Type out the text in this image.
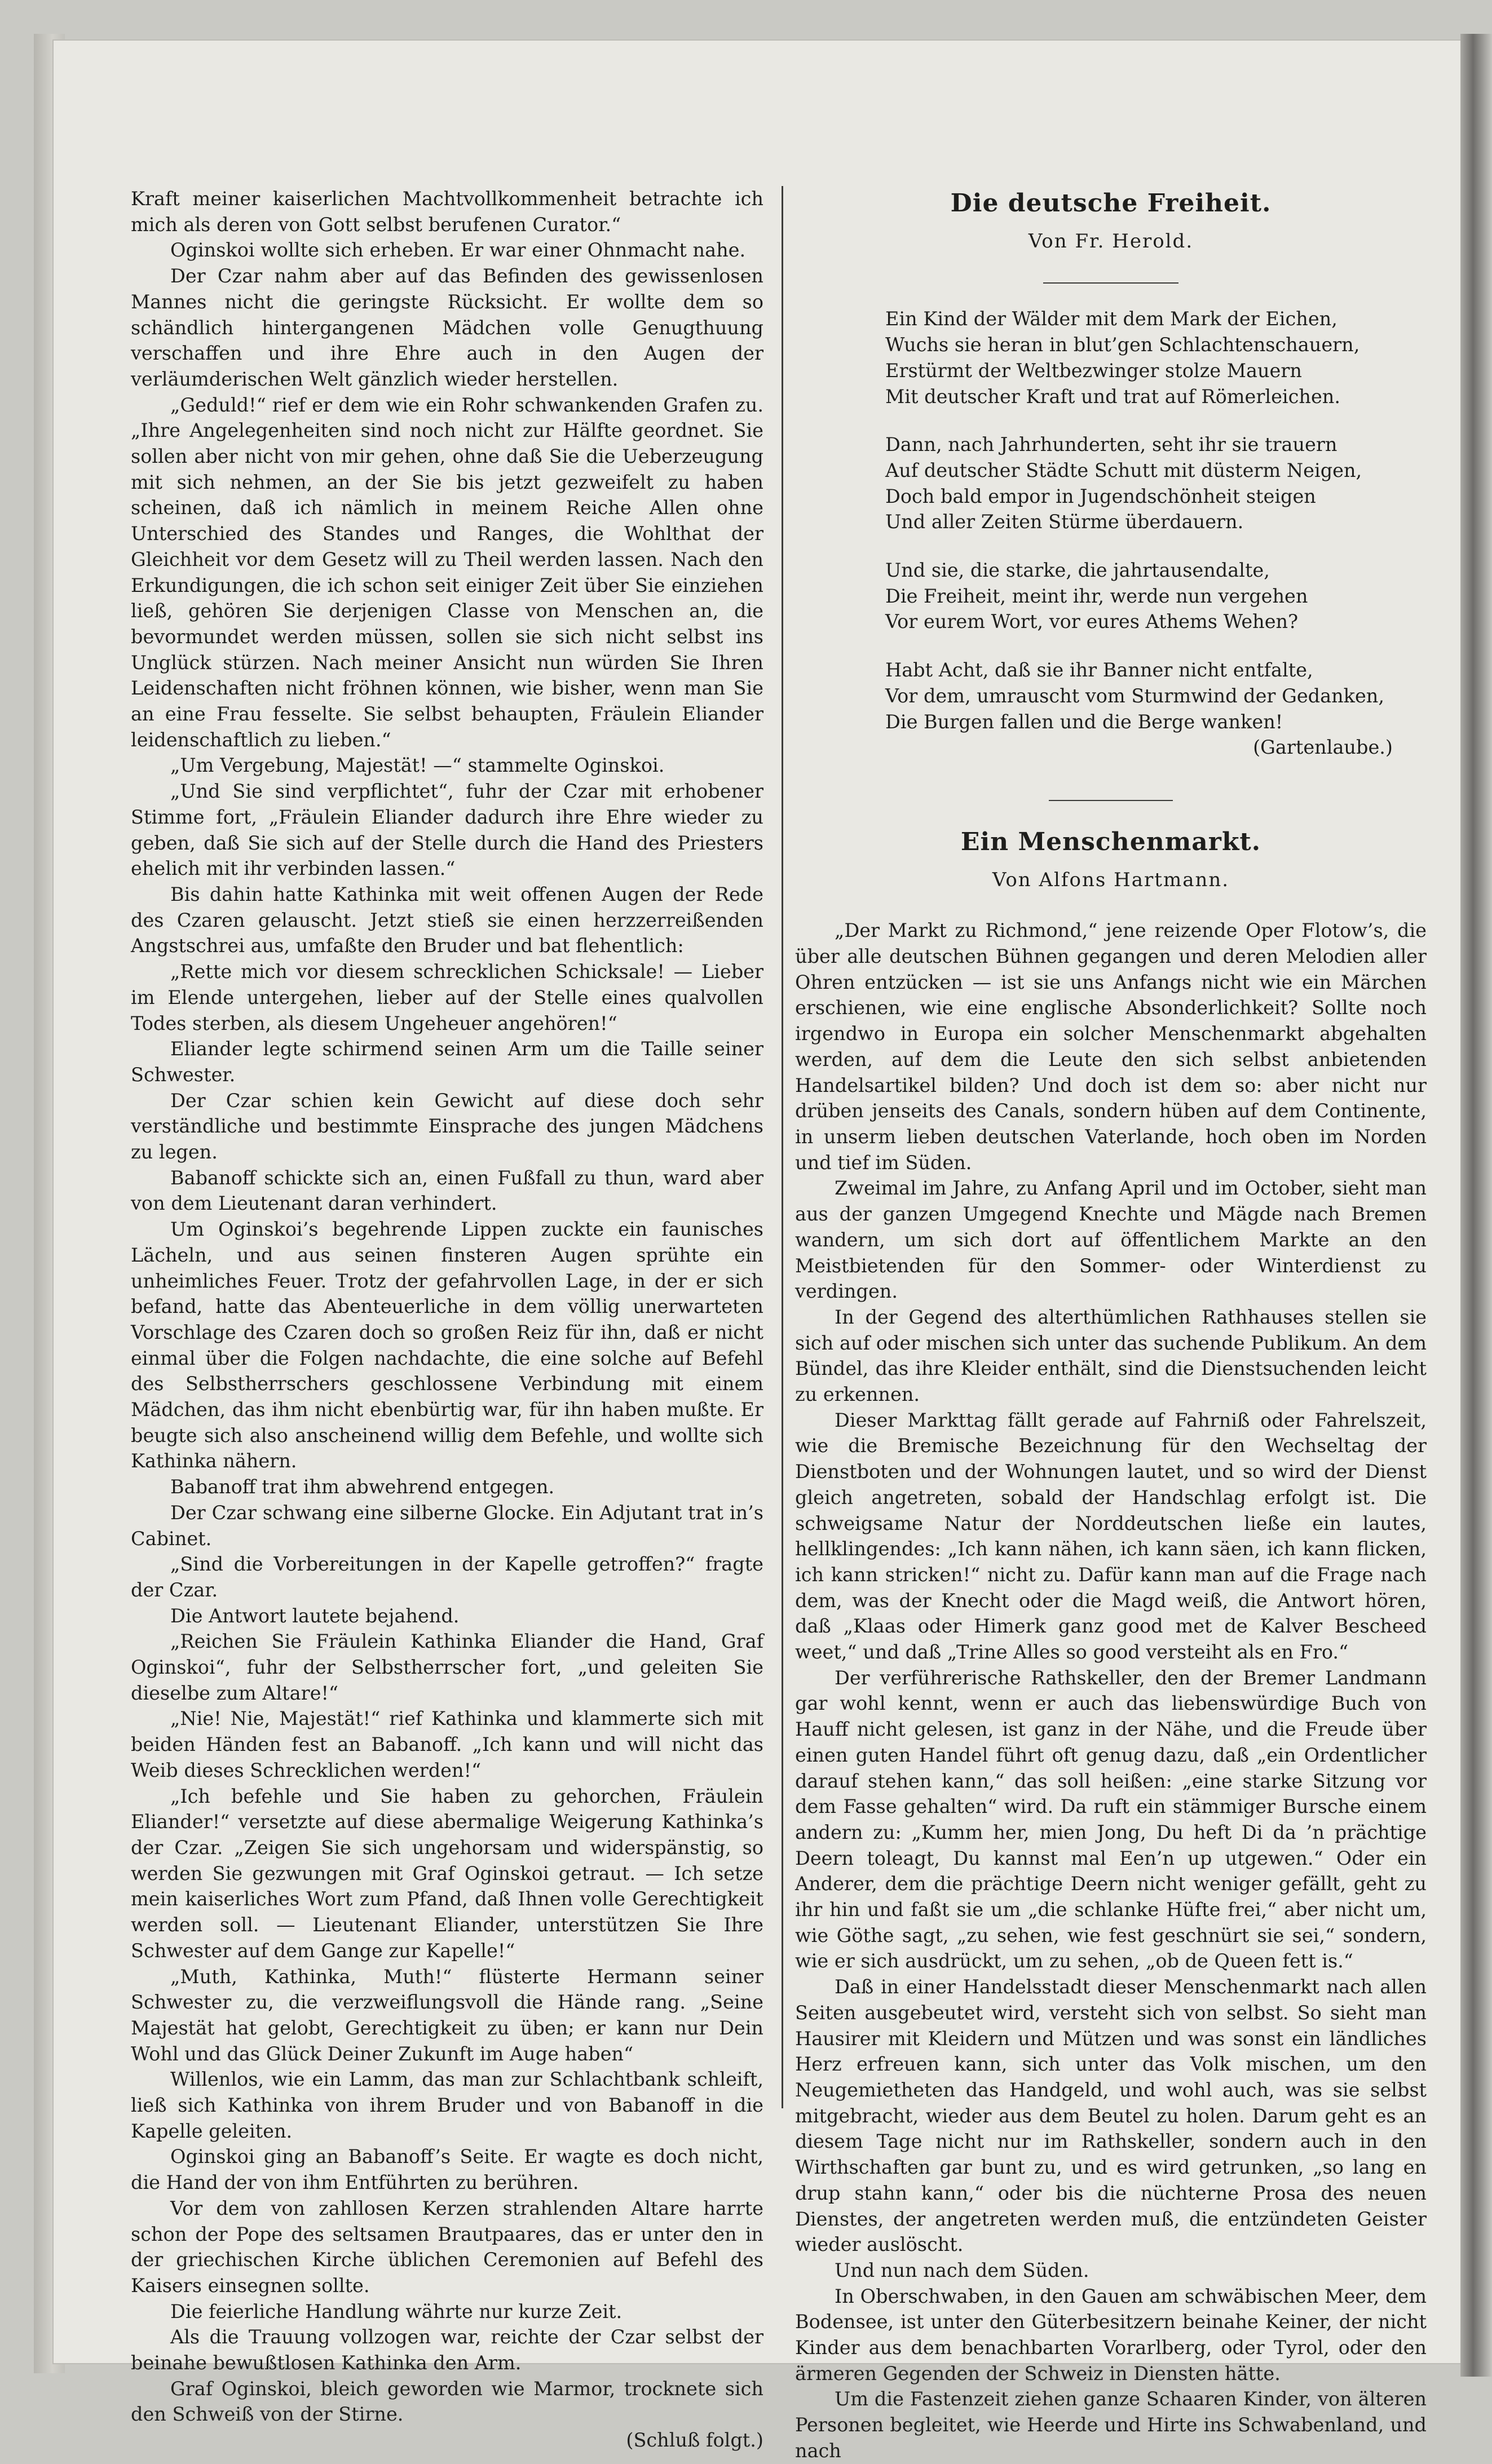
Kraft meiner kaiserlichen Machtvollkommenheit betrachte ich mich als deren von Gott selbst berufenen Curator.“

Oginskoi wollte sich erheben. Er war einer Ohnmacht nahe.

Der Czar nahm aber auf das Befinden des gewissenlosen Mannes nicht die geringste Rücksicht. Er wollte dem so schändlich hintergangenen Mädchen volle Genugthuung verschaffen und ihre Ehre auch in den Augen der verläumderischen Welt gänzlich wieder herstellen.

„Geduld!“ rief er dem wie ein Rohr schwankenden Grafen zu. „Ihre Angelegenheiten sind noch nicht zur Hälfte geordnet. Sie sollen aber nicht von mir gehen, ohne daß Sie die Ueberzeugung mit sich nehmen, an der Sie bis jetzt gezweifelt zu haben scheinen, daß ich nämlich in meinem Reiche Allen ohne Unterschied des Standes und Ranges, die Wohlthat der Gleichheit vor dem Gesetz will zu Theil werden lassen. Nach den Erkundigungen, die ich schon seit einiger Zeit über Sie einziehen ließ, gehören Sie derjenigen Classe von Menschen an, die bevormundet werden müssen, sollen sie sich nicht selbst ins Unglück stürzen. Nach meiner Ansicht nun würden Sie Ihren Leidenschaften nicht fröhnen können, wie bisher, wenn man Sie an eine Frau fesselte. Sie selbst behaupten, Fräulein Eliander leidenschaftlich zu lieben.“

„Um Vergebung, Majestät! —“ stammelte Oginskoi.

„Und Sie sind verpflichtet“, fuhr der Czar mit erhobener Stimme fort, „Fräulein Eliander dadurch ihre Ehre wieder zu geben, daß Sie sich auf der Stelle durch die Hand des Priesters ehelich mit ihr verbinden lassen.“

Bis dahin hatte Kathinka mit weit offenen Augen der Rede des Czaren gelauscht. Jetzt stieß sie einen herzzerreißenden Angstschrei aus, umfaßte den Bruder und bat flehentlich:

„Rette mich vor diesem schrecklichen Schicksale! — Lieber im Elende untergehen, lieber auf der Stelle eines qualvollen Todes sterben, als diesem Ungeheuer angehören!“

Eliander legte schirmend seinen Arm um die Taille seiner Schwester.

Der Czar schien kein Gewicht auf diese doch sehr verständliche und bestimmte Einsprache des jungen Mädchens zu legen.

Babanoff schickte sich an, einen Fußfall zu thun, ward aber von dem Lieutenant daran verhindert.

Um Oginskoi’s begehrende Lippen zuckte ein faunisches Lächeln, und aus seinen finsteren Augen sprühte ein unheimliches Feuer. Trotz der gefahrvollen Lage, in der er sich befand, hatte das Abenteuerliche in dem völlig unerwarteten Vorschlage des Czaren doch so großen Reiz für ihn, daß er nicht einmal über die Folgen nachdachte, die eine solche auf Befehl des Selbstherrschers geschlossene Verbindung mit einem Mädchen, das ihm nicht ebenbürtig war, für ihn haben mußte. Er beugte sich also anscheinend willig dem Befehle, und wollte sich Kathinka nähern.

Babanoff trat ihm abwehrend entgegen.

Der Czar schwang eine silberne Glocke. Ein Adjutant trat in’s Cabinet.

„Sind die Vorbereitungen in der Kapelle getroffen?“ fragte der Czar.

Die Antwort lautete bejahend.

„Reichen Sie Fräulein Kathinka Eliander die Hand, Graf Oginskoi“, fuhr der Selbstherrscher fort, „und geleiten Sie dieselbe zum Altare!“

„Nie! Nie, Majestät!“ rief Kathinka und klammerte sich mit beiden Händen fest an Babanoff. „Ich kann und will nicht das Weib dieses Schrecklichen werden!“

„Ich befehle und Sie haben zu gehorchen, Fräulein Eliander!“ versetzte auf diese abermalige Weigerung Kathinka’s der Czar. „Zeigen Sie sich ungehorsam und widerspänstig, so werden Sie gezwungen mit Graf Oginskoi getraut. — Ich setze mein kaiserliches Wort zum Pfand, daß Ihnen volle Gerechtigkeit werden soll. — Lieutenant Eliander, unterstützen Sie Ihre Schwester auf dem Gange zur Kapelle!“

„Muth, Kathinka, Muth!“ flüsterte Hermann seiner Schwester zu, die verzweiflungsvoll die Hände rang. „Seine Majestät hat gelobt, Gerechtigkeit zu üben; er kann nur Dein Wohl und das Glück Deiner Zukunft im Auge haben“

Willenlos, wie ein Lamm, das man zur Schlachtbank schleift, ließ sich Kathinka von ihrem Bruder und von Babanoff in die Kapelle geleiten.

Oginskoi ging an Babanoff’s Seite. Er wagte es doch nicht, die Hand der von ihm Entführten zu berühren.

Vor dem von zahllosen Kerzen strahlenden Altare harrte schon der Pope des seltsamen Brautpaares, das er unter den in der griechischen Kirche üblichen Ceremonien auf Befehl des Kaisers einsegnen sollte.

Die feierliche Handlung währte nur kurze Zeit.

Als die Trauung vollzogen war, reichte der Czar selbst der beinahe bewußtlosen Kathinka den Arm.

Graf Oginskoi, bleich geworden wie Marmor, trocknete sich den Schweiß von der Stirne.

(Schluß folgt.)

Die deutsche Freiheit.

Von Fr. Herold.

Ein Kind der Wälder mit dem Mark der Eichen,
Wuchs sie heran in blut’gen Schlachtenschauern,
Erstürmt der Weltbezwinger stolze Mauern
Mit deutscher Kraft und trat auf Römerleichen.
Dann, nach Jahrhunderten, seht ihr sie trauern
Auf deutscher Städte Schutt mit düsterm Neigen,
Doch bald empor in Jugendschönheit steigen
Und aller Zeiten Stürme überdauern.
Und sie, die starke, die jahrtausendalte,
Die Freiheit, meint ihr, werde nun vergehen
Vor eurem Wort, vor eures Athems Wehen?
Habt Acht, daß sie ihr Banner nicht entfalte,
Vor dem, umrauscht vom Sturmwind der Gedanken,
Die Burgen fallen und die Berge wanken!

(Gartenlaube.)

Ein Menschenmarkt.

Von Alfons Hartmann.

„Der Markt zu Richmond,“ jene reizende Oper Flotow’s, die über alle deutschen Bühnen gegangen und deren Melodien aller Ohren entzücken — ist sie uns Anfangs nicht wie ein Märchen erschienen, wie eine englische Absonderlichkeit? Sollte noch irgendwo in Europa ein solcher Menschenmarkt abgehalten werden, auf dem die Leute den sich selbst anbietenden Handelsartikel bilden? Und doch ist dem so: aber nicht nur drüben jenseits des Canals, sondern hüben auf dem Continente, in unserm lieben deutschen Vaterlande, hoch oben im Norden und tief im Süden.

Zweimal im Jahre, zu Anfang April und im October, sieht man aus der ganzen Umgegend Knechte und Mägde nach Bremen wandern, um sich dort auf öffentlichem Markte an den Meistbietenden für den Sommer- oder Winterdienst zu verdingen.

In der Gegend des alterthümlichen Rathhauses stellen sie sich auf oder mischen sich unter das suchende Publikum. An dem Bündel, das ihre Kleider enthält, sind die Dienstsuchenden leicht zu erkennen.

Dieser Markttag fällt gerade auf Fahrniß oder Fahrelszeit, wie die Bremische Bezeichnung für den Wechseltag der Dienstboten und der Wohnungen lautet, und so wird der Dienst gleich angetreten, sobald der Handschlag erfolgt ist. Die schweigsame Natur der Norddeutschen ließe ein lautes, hellklingendes: „Ich kann nähen, ich kann säen, ich kann flicken, ich kann stricken!“ nicht zu. Dafür kann man auf die Frage nach dem, was der Knecht oder die Magd weiß, die Antwort hören, daß „Klaas oder Himerk ganz good met de Kalver Bescheed weet,“ und daß „Trine Alles so good versteiht als en Fro.“

Der verführerische Rathskeller, den der Bremer Landmann gar wohl kennt, wenn er auch das liebenswürdige Buch von Hauff nicht gelesen, ist ganz in der Nähe, und die Freude über einen guten Handel führt oft genug dazu, daß „ein Ordentlicher darauf stehen kann,“ das soll heißen: „eine starke Sitzung vor dem Fasse gehalten“ wird. Da ruft ein stämmiger Bursche einem andern zu: „Kumm her, mien Jong, Du heft Di da ’n prächtige Deern toleagt, Du kannst mal Een’n up utgewen.“ Oder ein Anderer, dem die prächtige Deern nicht weniger gefällt, geht zu ihr hin und faßt sie um „die schlanke Hüfte frei,“ aber nicht um, wie Göthe sagt, „zu sehen, wie fest geschnürt sie sei,“ sondern, wie er sich ausdrückt, um zu sehen, „ob de Queen fett is.“

Daß in einer Handelsstadt dieser Menschenmarkt nach allen Seiten ausgebeutet wird, versteht sich von selbst. So sieht man Hausirer mit Kleidern und Mützen und was sonst ein ländliches Herz erfreuen kann, sich unter das Volk mischen, um den Neugemietheten das Handgeld, und wohl auch, was sie selbst mitgebracht, wieder aus dem Beutel zu holen. Darum geht es an diesem Tage nicht nur im Rathskeller, sondern auch in den Wirthschaften gar bunt zu, und es wird getrunken, „so lang en drup stahn kann,“ oder bis die nüchterne Prosa des neuen Dienstes, der angetreten werden muß, die entzündeten Geister wieder auslöscht.

Und nun nach dem Süden.

In Oberschwaben, in den Gauen am schwäbischen Meer, dem Bodensee, ist unter den Güterbesitzern beinahe Keiner, der nicht Kinder aus dem benachbarten Vorarlberg, oder Tyrol, oder den ärmeren Gegenden der Schweiz in Diensten hätte.

Um die Fastenzeit ziehen ganze Schaaren Kinder, von älteren Personen begleitet, wie Heerde und Hirte ins Schwabenland, und nach
